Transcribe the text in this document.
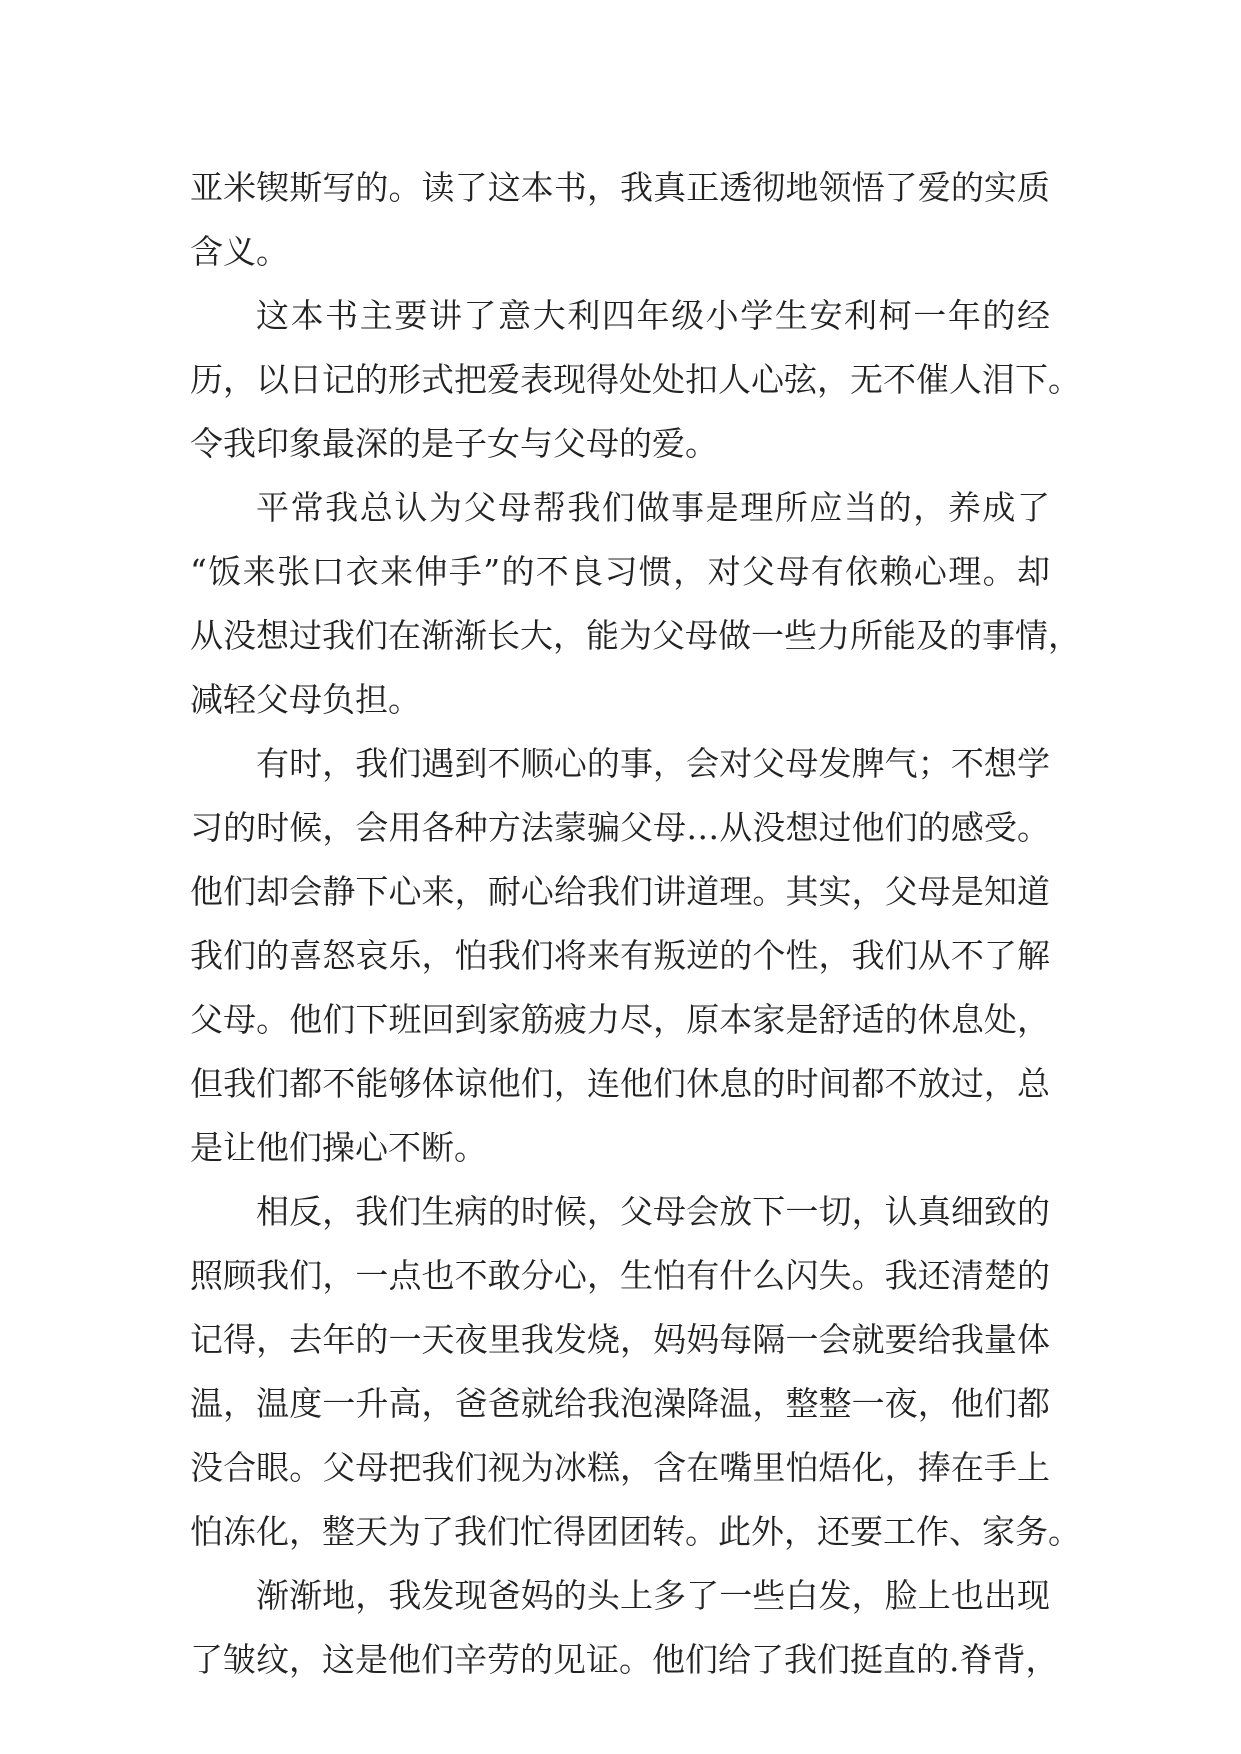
亚米锲斯写的。读了这本书，我真正透彻地领悟了爱的实质

含义。

这本书主要讲了意大利四年级小学生安利柯一年的经

历，以日记的形式把爱表现得处处扣人心弦，无不催人泪下。

令我印象最深的是子女与父母的爱。

平常我总认为父母帮我们做事是理所应当的，养成了

“饭来张口衣来伸手”的不良习惯，对父母有依赖心理。却

从没想过我们在渐渐长大，能为父母做一些力所能及的事情，

减轻父母负担。

有时，我们遇到不顺心的事，会对父母发脾气；不想学

习的时候，会用各种方法蒙骗父母…从没想过他们的感受。

他们却会静下心来，耐心给我们讲道理。其实，父母是知道

我们的喜怒哀乐，怕我们将来有叛逆的个性，我们从不了解

父母。他们下班回到家筋疲力尽，原本家是舒适的休息处，

但我们都不能够体谅他们，连他们休息的时间都不放过，总

是让他们操心不断。

相反，我们生病的时候，父母会放下一切，认真细致的

照顾我们，一点也不敢分心，生怕有什么闪失。我还清楚的

记得，去年的一天夜里我发烧，妈妈每隔一会就要给我量体

温，温度一升高，爸爸就给我泡澡降温，整整一夜，他们都

没合眼。父母把我们视为冰糕，含在嘴里怕焐化，捧在手上

怕冻化，整天为了我们忙得团团转。此外，还要工作、家务。

渐渐地，我发现爸妈的头上多了一些白发，脸上也出现

了皱纹，这是他们辛劳的见证。他们给了我们挺直的.脊背，
